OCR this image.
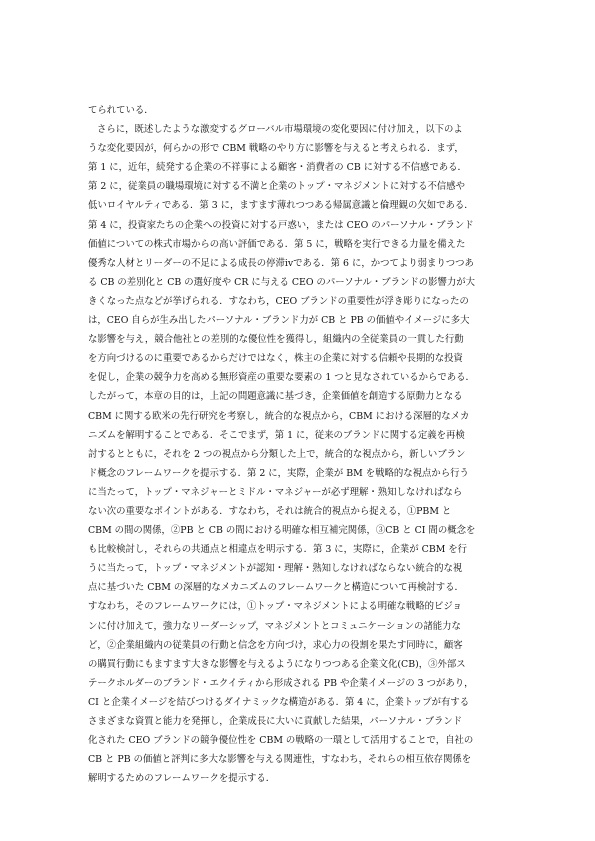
てられている．
さらに，既述したような激変するグローバル市場環境の変化要因に付け加え，以下のよ
うな変化要因が，何らかの形で CBM 戦略のやり方に影響を与えると考えられる．まず，
第 1 に，近年，続発する企業の不祥事による顧客・消費者の CB に対する不信感である．
第 2 に，従業員の職場環境に対する不満と企業のトップ・マネジメントに対する不信感や
低いロイヤルティである．第 3 に，ますます薄れつつある帰属意識と倫理観の欠如である．
第 4 に，投資家たちの企業への投資に対する戸惑い，または CEO のパーソナル・ブランド
価値についての株式市場からの高い評価である．第 5 に，戦略を実行できる力量を備えた
優秀な人材とリーダーの不足による成長の停滞ivである．第 6 に，かつてより弱まりつつあ
る CB の差別化と CB の選好度や CR に与える CEO のパーソナル・ブランドの影響力が大
きくなった点などが挙げられる．すなわち，CEO ブランドの重要性が浮き彫りになったの
は，CEO 自らが生み出したパーソナル・ブランド力が CB と PB の価値やイメージに多大
な影響を与え，競合他社との差別的な優位性を獲得し，組織内の全従業員の一貫した行動
を方向づけるのに重要であるからだけではなく，株主の企業に対する信頼や長期的な投資
を促し，企業の競争力を高める無形資産の重要な要素の 1 つと見なされているからである．
したがって，本章の目的は，上記の問題意識に基づき，企業価値を創造する原動力となる
CBM に関する欧米の先行研究を考察し，統合的な視点から，CBM における深層的なメカ
ニズムを解明することである．そこでまず，第 1 に，従来のブランドに関する定義を再検
討するとともに，それを 2 つの視点から分類した上で，統合的な視点から，新しいブラン
ド概念のフレームワークを提示する．第 2 に，実際，企業が BM を戦略的な視点から行う
に当たって，トップ・マネジャーとミドル・マネジャーが必ず理解・熟知しなければなら
ない次の重要なポイントがある．すなわち，それは統合的視点から捉える，①PBM と
CBM の間の関係，②PB と CB の間における明確な相互補完関係，③CB と CI 間の概念を
も比較検討し，それらの共通点と相違点を明示する．第 3 に，実際に，企業が CBM を行
うに当たって，トップ・マネジメントが認知・理解・熟知しなければならない統合的な視
点に基づいた CBM の深層的なメカニズムのフレームワークと構造について再検討する．
すなわち，そのフレームワークには，①トップ・マネジメントによる明確な戦略的ビジョ
ンに付け加えて，強力なリーダーシップ，マネジメントとコミュニケーションの諸能力な
ど，②企業組織内の従業員の行動と信念を方向づけ，求心力の役割を果たす同時に，顧客
の購買行動にもますます大きな影響を与えるようになりつつある企業文化(CB)，③外部ス
テークホルダーのブランド・エクイティから形成される PB や企業イメージの 3 つがあり，
CI と企業イメージを結びつけるダイナミックな構造がある．第 4 に，企業トップが有する
さまざまな資質と能力を発揮し，企業成長に大いに貢献した結果，パーソナル・ブランド
化された CEO ブランドの競争優位性を CBM の戦略の一環として活用することで，自社の
CB と PB の価値と評判に多大な影響を与える関連性，すなわち，それらの相互依存関係を
解明するためのフレームワークを提示する．
